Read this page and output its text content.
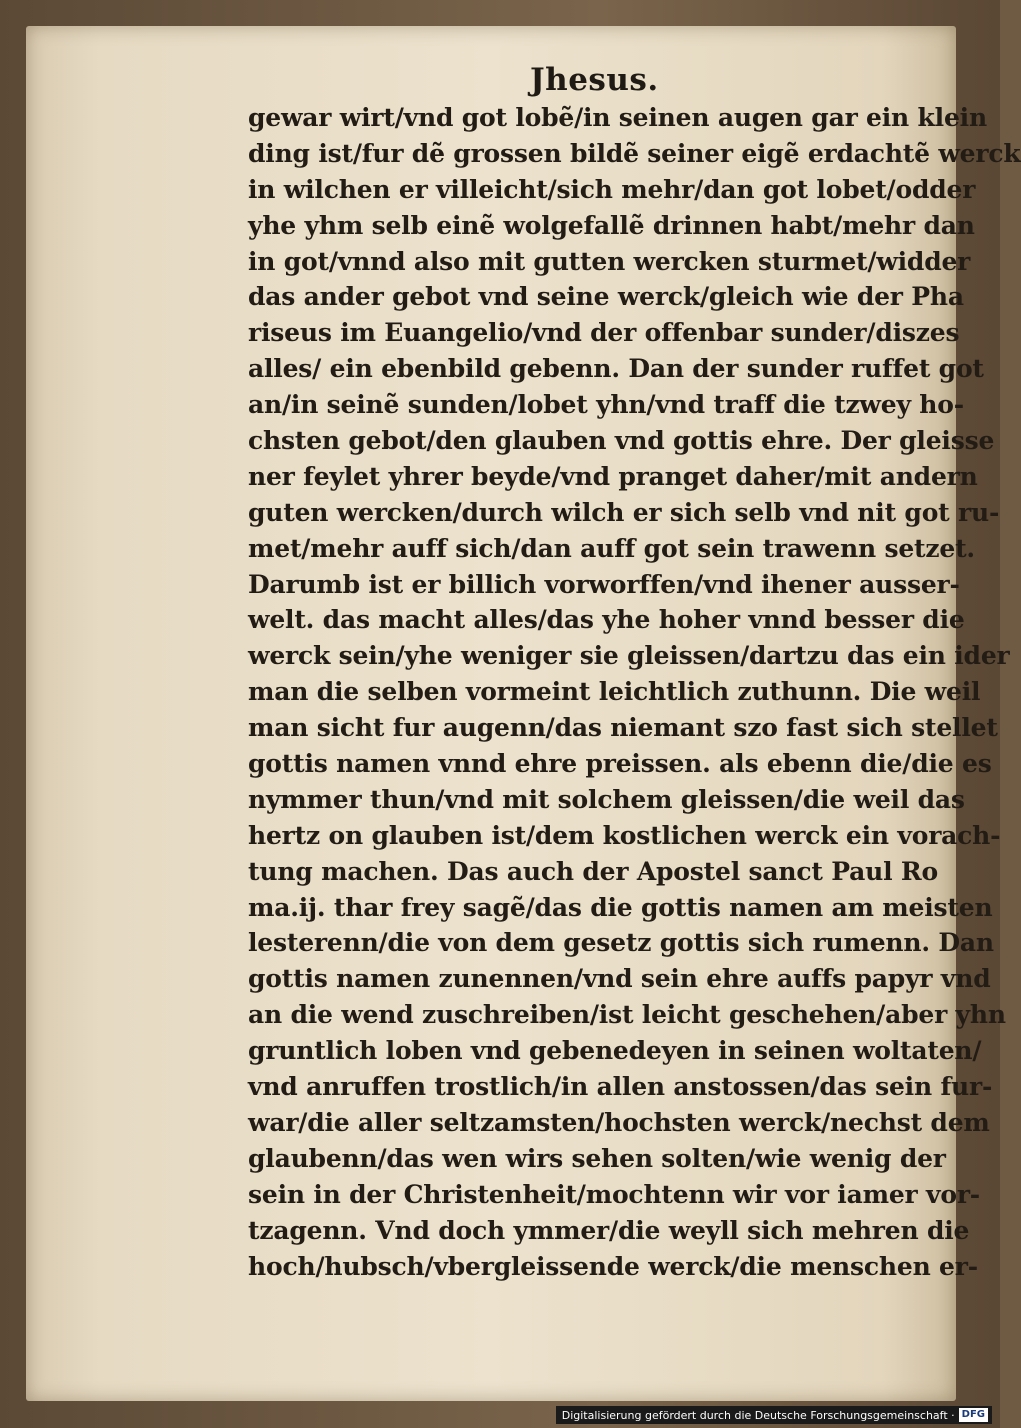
Jhesus.
gewar wirt/vnd got lobẽ/in seinen augen gar ein klein
ding ist/fur dẽ grossen bildẽ seiner eigẽ erdachtẽ werck
in wilchen er villeicht/sich mehr/dan got lobet/odder
yhe yhm selb einẽ wolgefallẽ drinnen habt/mehr dan
in got/vnnd also mit gutten wercken sturmet/widder
das ander gebot vnd seine werck/gleich wie der Pha
riseus im Euangelio/vnd der offenbar sunder/diszes
alles/ ein ebenbild gebenn. Dan der sunder ruffet got
an/in seinẽ sunden/lobet yhn/vnd traff die tzwey ho-
chsten gebot/den glauben vnd gottis ehre. Der gleisse
ner feylet yhrer beyde/vnd pranget daher/mit andern
guten wercken/durch wilch er sich selb vnd nit got ru-
met/mehr auff sich/dan auff got sein trawenn setzet.
Darumb ist er billich vorworffen/vnd ihener ausser-
welt. das macht alles/das yhe hoher vnnd besser die
werck sein/yhe weniger sie gleissen/dartzu das ein ider
man die selben vormeint leichtlich zuthunn. Die weil
man sicht fur augenn/das niemant szo fast sich stellet
gottis namen vnnd ehre preissen. als ebenn die/die es
nymmer thun/vnd mit solchem gleissen/die weil das
hertz on glauben ist/dem kostlichen werck ein vorach-
tung machen. Das auch der Apostel sanct Paul Ro
ma.ij. thar frey sagẽ/das die gottis namen am meisten
lesterenn/die von dem gesetz gottis sich rumenn. Dan
gottis namen zunennen/vnd sein ehre auffs papyr vnd
an die wend zuschreiben/ist leicht geschehen/aber yhn
gruntlich loben vnd gebenedeyen in seinen woltaten/
vnd anruffen trostlich/in allen anstossen/das sein fur-
war/die aller seltzamsten/hochsten werck/nechst dem
glaubenn/das wen wirs sehen solten/wie wenig der
sein in der Christenheit/mochtenn wir vor iamer vor-
tzagenn. Vnd doch ymmer/die weyll sich mehren die
hoch/hubsch/vbergleissende werck/die menschen er-
Digitalisierung gefördert durch die Deutsche Forschungsgemeinschaft · DFG
